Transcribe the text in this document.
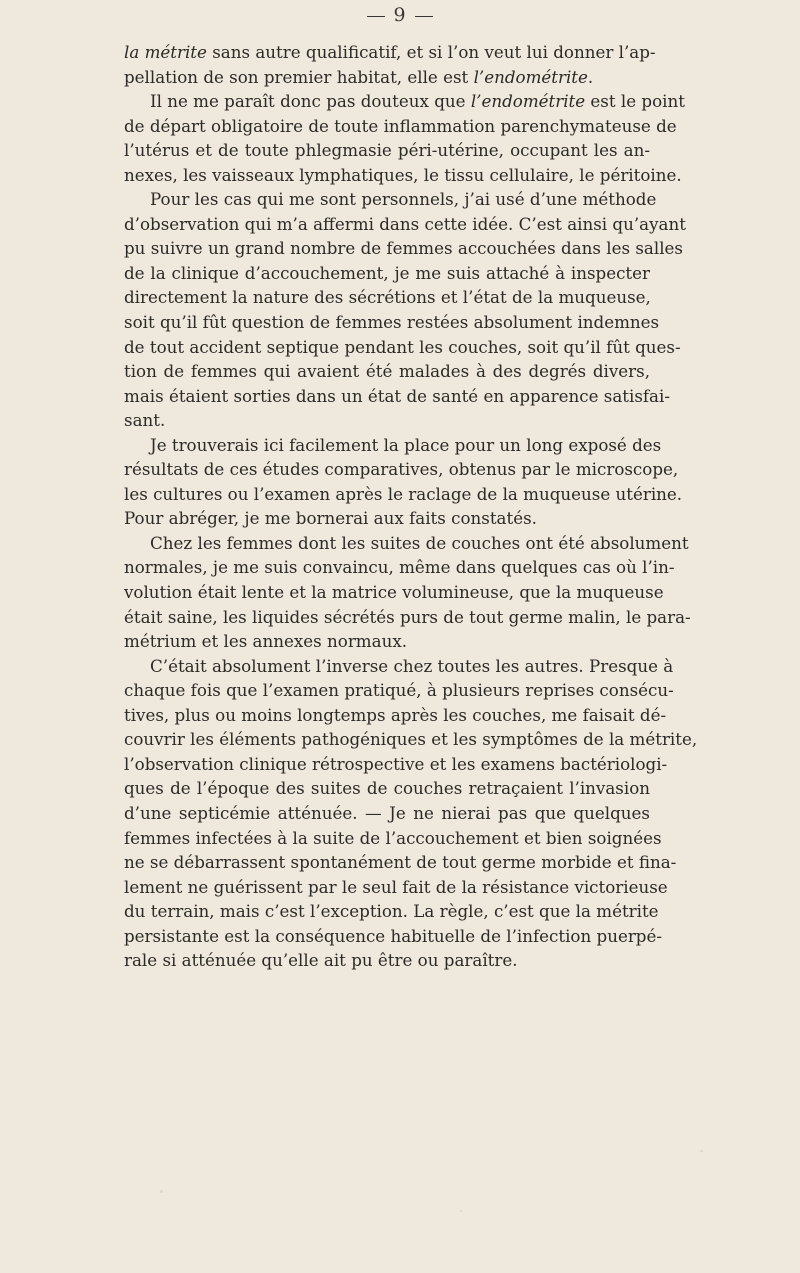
9
la métrite sans autre qualificatif, et si l’on veut lui donner l’ap-
pellation de son premier habitat, elle est l’endométrite.
Il ne me paraît donc pas douteux que l’endométrite est le point
de départ obligatoire de toute inflammation parenchymateuse de
l’utérus et de toute phlegmasie péri-utérine, occupant les an-
nexes, les vaisseaux lymphatiques, le tissu cellulaire, le péritoine.
Pour les cas qui me sont personnels, j’ai usé d’une méthode
d’observation qui m’a affermi dans cette idée. C’est ainsi qu’ayant
pu suivre un grand nombre de femmes accouchées dans les salles
de la clinique d’accouchement, je me suis attaché à inspecter
directement la nature des sécrétions et l’état de la muqueuse,
soit qu’il fût question de femmes restées absolument indemnes
de tout accident septique pendant les couches, soit qu’il fût ques-
tion de femmes qui avaient été malades à des degrés divers,
mais étaient sorties dans un état de santé en apparence satisfai-
sant.
Je trouverais ici facilement la place pour un long exposé des
résultats de ces études comparatives, obtenus par le microscope,
les cultures ou l’examen après le raclage de la muqueuse utérine.
Pour abréger, je me bornerai aux faits constatés.
Chez les femmes dont les suites de couches ont été absolument
normales, je me suis convaincu, même dans quelques cas où l’in-
volution était lente et la matrice volumineuse, que la muqueuse
était saine, les liquides sécrétés purs de tout germe malin, le para-
métrium et les annexes normaux.
C’était absolument l’inverse chez toutes les autres. Presque à
chaque fois que l’examen pratiqué, à plusieurs reprises consécu-
tives, plus ou moins longtemps après les couches, me faisait dé-
couvrir les éléments pathogéniques et les symptômes de la métrite,
l’observation clinique rétrospective et les examens bactériologi-
ques de l’époque des suites de couches retraçaient l’invasion
d’une septicémie atténuée. — Je ne nierai pas que quelques
femmes infectées à la suite de l’accouchement et bien soignées
ne se débarrassent spontanément de tout germe morbide et fina-
lement ne guérissent par le seul fait de la résistance victorieuse
du terrain, mais c’est l’exception. La règle, c’est que la métrite
persistante est la conséquence habituelle de l’infection puerpé-
rale si atténuée qu’elle ait pu être ou paraître.
